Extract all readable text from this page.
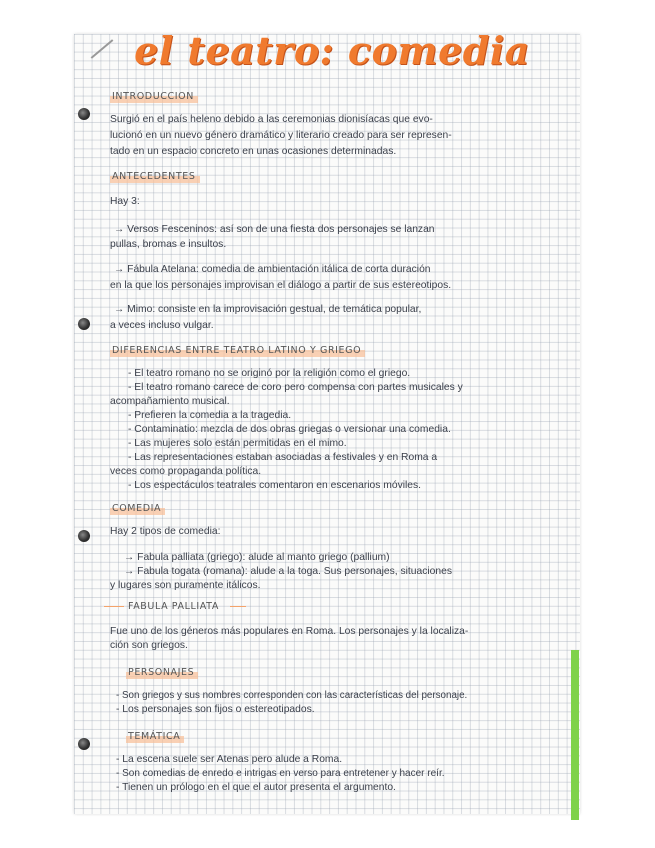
el teatro: comedia
INTRODUCCION
Surgió en el país heleno debido a las ceremonias dionisíacas que evo-
lucionó en un nuevo género dramático y literario creado para ser represen-
tado en un espacio concreto en unas ocasiones determinadas.
ANTECEDENTES
Hay 3:
→ Versos Fesceninos: así son de una fiesta dos personajes se lanzan
pullas, bromas e insultos.
→ Fábula Atelana: comedia de ambientación itálica de corta duración
en la que los personajes improvisan el diálogo a partir de sus estereotipos.
→ Mimo: consiste en la improvisación gestual, de temática popular,
a veces incluso vulgar.
DIFERENCIAS ENTRE TEATRO LATINO Y GRIEGO
- El teatro romano no se originó por la religión como el griego.
- El teatro romano carece de coro pero compensa con partes musicales y
acompañamiento musical.
- Prefieren la comedia a la tragedia.
- Contaminatio: mezcla de dos obras griegas o versionar una comedia.
- Las mujeres solo están permitidas en el mimo.
- Las representaciones estaban asociadas a festivales y en Roma a
veces como propaganda política.
- Los espectáculos teatrales comentaron en escenarios móviles.
COMEDIA
Hay 2 tipos de comedia:
→ Fabula palliata (griego): alude al manto griego (pallium)
→ Fabula togata (romana): alude a la toga. Sus personajes, situaciones
y lugares son puramente itálicos.
FABULA PALLIATA
Fue uno de los géneros más populares en Roma. Los personajes y la localiza-
ción son griegos.
PERSONAJES
- Son griegos y sus nombres corresponden con las características del personaje.
- Los personajes son fijos o estereotipados.
TEMÁTICA
- La escena suele ser Atenas pero alude a Roma.
- Son comedias de enredo e intrigas en verso para entretener y hacer reír.
- Tienen un prólogo en el que el autor presenta el argumento.
